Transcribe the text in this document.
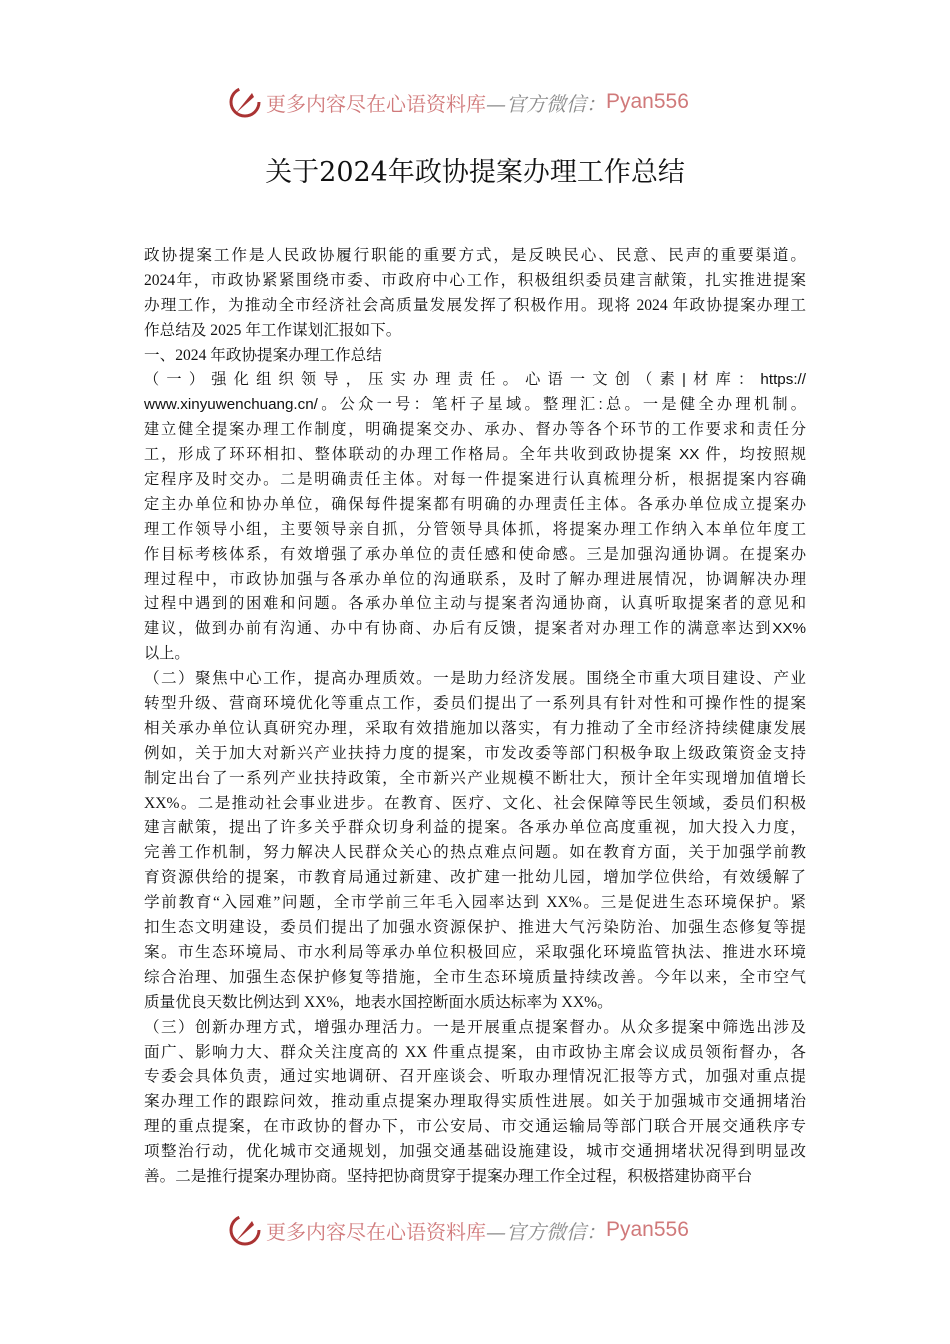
更多内容尽在心语资料库 —官方微信： Pyan556
关于2024年政协提案办理工作总结
政协提案工作是人民政协履行职能的重要方式，是反映民心、民意、民声的重要渠道。
2024年，市政协紧紧围绕市委、市政府中心工作，积极组织委员建言献策，扎实推进提案
办理工作，为推动全市经济社会高质量发展发挥了积极作用。现将 2024 年政协提案办理工
作总结及 2025 年工作谋划汇报如下。
一、2024 年政协提案办理工作总结
（一）强化组织领导，压实办理责任。心语一文创（素|材库：https://
www.xinyuwenchuang.cn/。公众一号：笔杆子星域。整理汇:总。一是健全办理机制。
建立健全提案办理工作制度，明确提案交办、承办、督办等各个环节的工作要求和责任分
工，形成了环环相扣、整体联动的办理工作格局。全年共收到政协提案 XX 件，均按照规
定程序及时交办。二是明确责任主体。对每一件提案进行认真梳理分析，根据提案内容确
定主办单位和协办单位，确保每件提案都有明确的办理责任主体。各承办单位成立提案办
理工作领导小组，主要领导亲自抓，分管领导具体抓，将提案办理工作纳入本单位年度工
作目标考核体系，有效增强了承办单位的责任感和使命感。三是加强沟通协调。在提案办
理过程中，市政协加强与各承办单位的沟通联系，及时了解办理进展情况，协调解决办理
过程中遇到的困难和问题。各承办单位主动与提案者沟通协商，认真听取提案者的意见和
建议，做到办前有沟通、办中有协商、办后有反馈，提案者对办理工作的满意率达到XX%
以上。
（二）聚焦中心工作，提高办理质效。一是助力经济发展。围绕全市重大项目建设、产业
转型升级、营商环境优化等重点工作，委员们提出了一系列具有针对性和可操作性的提案
相关承办单位认真研究办理，采取有效措施加以落实，有力推动了全市经济持续健康发展
例如，关于加大对新兴产业扶持力度的提案，市发改委等部门积极争取上级政策资金支持
制定出台了一系列产业扶持政策，全市新兴产业规模不断壮大，预计全年实现增加值增长
XX%。二是推动社会事业进步。在教育、医疗、文化、社会保障等民生领域，委员们积极
建言献策，提出了许多关乎群众切身利益的提案。各承办单位高度重视，加大投入力度，
完善工作机制，努力解决人民群众关心的热点难点问题。如在教育方面，关于加强学前教
育资源供给的提案，市教育局通过新建、改扩建一批幼儿园，增加学位供给，有效缓解了
学前教育“入园难”问题，全市学前三年毛入园率达到 XX%。三是促进生态环境保护。紧
扣生态文明建设，委员们提出了加强水资源保护、推进大气污染防治、加强生态修复等提
案。市生态环境局、市水利局等承办单位积极回应，采取强化环境监管执法、推进水环境
综合治理、加强生态保护修复等措施，全市生态环境质量持续改善。今年以来，全市空气
质量优良天数比例达到 XX%，地表水国控断面水质达标率为 XX%。
（三）创新办理方式，增强办理活力。一是开展重点提案督办。从众多提案中筛选出涉及
面广、影响力大、群众关注度高的 XX 件重点提案，由市政协主席会议成员领衔督办，各
专委会具体负责，通过实地调研、召开座谈会、听取办理情况汇报等方式，加强对重点提
案办理工作的跟踪问效，推动重点提案办理取得实质性进展。如关于加强城市交通拥堵治
理的重点提案，在市政协的督办下，市公安局、市交通运输局等部门联合开展交通秩序专
项整治行动，优化城市交通规划，加强交通基础设施建设，城市交通拥堵状况得到明显改
善。二是推行提案办理协商。坚持把协商贯穿于提案办理工作全过程，积极搭建协商平台
更多内容尽在心语资料库 —官方微信： Pyan556
